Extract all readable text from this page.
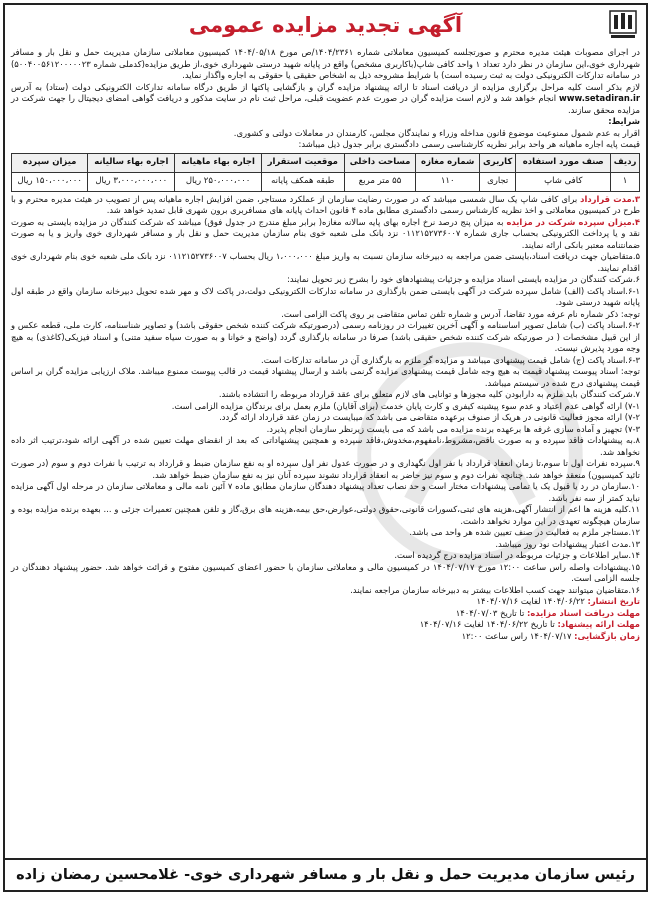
آگهی تجدید مزایده عمومی

در اجرای مصوبات هیئت مدیره محترم و صورتجلسه کمیسیون معاملاتی شماره ۱۴۰۴/۲۳۶۱/ص مورخ ۱۴۰۴/۰۵/۱۸ کمیسیون معاملاتی سازمان مدیریت حمل و نقل بار و مسافر شهرداری خوی،این سازمان در نظر دارد تعداد ۱ واحد کافی شاپ(باکاربری مشخص) واقع در پایانه شهید درستی شهرداری خوی،از طریق مزایده(کدملی شماره ۵۰۰۴۰۰۵۶۱۲۰۰۰۰۰۲۳) در سامانه تدارکات الکترونیکی دولت به ثبت رسیده است) با شرایط مشروحه ذیل به اشخاص حقیقی یا حقوقی به اجاره واگذار نماید.

لازم بذکر است کلیه مراحل برگزاری مزایده از دریافت اسناد تا ارائه پیشنهاد مزایده گران و بازگشایی پاکتها از طریق درگاه سامانه تدارکات الکترونیکی دولت (ستاد) به آدرس www.setadiran.ir انجام خواهد شد و لازم است مزایده گران در صورت عدم عضویت قبلی، مراحل ثبت نام در سایت مذکور و دریافت گواهی امضای دیجیتال را جهت شرکت در مزایده محقق سازند.

شرایط:

اقرار به عدم شمول ممنوعیت موضوع قانون مداخله وزراء و نمایندگان مجلس، کارمندان در معاملات دولتی و کشوری.

قیمت پایه اجاره ماهیانه هر واحد برابر نظریه کارشناسی رسمی دادگستری برابر جدول ذیل میباشد:

ردیف	صنف مورد استفاده	کاربری	شماره مغازه	مساحت داخلی	موقعیت استقرار	اجاره بهاء ماهیانه	اجاره بهاء سالیانه	میزان سپرده
۱	کافی شاپ	تجاری	۱۱۰	۵۵ متر مربع	طبقه همکف پایانه	۲۵۰،۰۰۰،۰۰۰ ریال	۳،۰۰۰،۰۰۰،۰۰۰ ریال	۱۵۰،۰۰۰،۰۰۰ ریال

۳.مدت قرارداد برای کافی شاپ یک سال شمسی میباشد که در صورت رضایت سازمان از عملکرد مستاجر، ضمن افزایش اجاره ماهیانه پس از تصویب در هیئت مدیره محترم و با طرح در کمیسیون معاملاتی و اخذ نظریه کارشناس رسمی دادگستری مطابق ماده ۴ قانون احداث پایانه های مسافربری برون شهری قابل تمدید خواهد شد.

۴.میزان سپرده شرکت در مزایده به میزان پنج درصد نرخ اجاره بهای پایه سالانه مغازه( برابر مبلغ مندرج در جدول فوق) میباشد که شرکت کنندگان در مزایده بایستی به صورت نقد و یا پرداخت الکترونیکی بحساب جاری شماره ۰۱۱۲۱۵۲۷۳۶۰۰۷ نزد بانک ملی شعبه خوی بنام سازمان مدیریت حمل و نقل بار و مسافر شهرداری خوی واریز و یا به صورت ضمانتنامه معتبر بانکی ارائه نمایند.

۵.متقاضیان جهت دریافت اسناد،بایستی ضمن مراجعه به دبیرخانه سازمان نسبت به واریز مبلغ ۱،۰۰۰،۰۰۰ ریال بحساب ۰۱۱۲۱۵۲۷۳۶۰۰۷ نزد بانک ملی شعبه خوی بنام شهرداری خوی اقدام نمایند.

۶.شرکت کنندگان در مزایده بایستی اسناد مزایده و جزئیات پیشنهادهای خود را بشرح زیر تحویل نمایند:

۶-۱.اسناد پاکت (الف) شامل سپرده شرکت در آگهی بایستی ضمن بارگذاری در سامانه تدارکات الکترونیکی دولت،در پاکت لاک و مهر شده تحویل دبیرخانه سازمان واقع در طبقه اول پایانه شهید درستی شود.

توجه: ذکر شماره نام عرفه مورد تقاضا، آدرس و شماره تلفن تماس متقاضی بر روی پاکت الزامی است.

۶-۲.اسناد پاکت (ب) شامل تصویر اساسنامه و آگهی آخرین تغییرات در روزنامه رسمی (درصورتیکه شرکت کننده شخص حقوقی باشد) و تصاویر شناسنامه، کارت ملی، قطعه عکس و از این قبیل مشخصات ( در صورتیکه شرکت کننده شخص حقیقی باشد) صرفا در سامانه بارگذاری گردد (واضح و خوانا و به صورت سیاه سفید متنی) و اسناد فیزیکی(کاغذی) به هیچ وجه مورد پذیرش نیست.

۶-۳.اسناد پاکت (ج) شامل قیمت پیشنهادی میباشد و مزایده گر ملزم به بارگذاری آن در سامانه تدارکات است.

توجه: اسناد پیوست پیشنهاد قیمت به هیچ وجه شامل قیمت پیشنهادی مزایده گرنمی باشد و ارسال پیشنهاد قیمت در قالب پیوست ممنوع میباشد. ملاک ارزیابی مزایده گران بر اساس قیمت پیشنهادی درج شده در سیستم میباشد.

۷.شرکت کنندگان باید ملزم به دارابودن کلیه مجوزها و توانایی های لازم متعلق برای عقد قرارداد مربوطه را انتشاده باشند.

۷-۱) ارائه گواهی عدم اعتیاد و عدم سوء پیشینه کیفری و کارت پایان خدمت (برای آقایان) ملزم بعمل برای برندگان مزایده الزامی است.

۷-۲) ارائه مجوز فعالیت قانونی در هریک از صنوف برعهده متقاضی می باشد که میبایست در زمان عقد قرارداد ارائه گردد.

۷-۳) تجهیز و آماده سازی غرفه ها برعهده برنده مزایده می باشد که می بایست زیرنظر سازمان انجام پذیرد.

۸.به پیشنهادات فاقد سپرده و به صورت ناقص،مشروط،نامفهوم،مخدوش،فاقد سپرده و همچنین پیشنهاداتی که بعد از انقضای مهلت تعیین شده در آگهی ارائه شود،ترتیب اثر داده نخواهد شد.

۹.سپرده نفرات اول تا سوم،تا زمان انعقاد قرارداد با نفر اول نگهداری و در صورت عدول نفر اول سپرده او به نفع سازمان ضبط و قرارداد به ترتیب با نفرات دوم و سوم (در صورت تائید کمیسیون) منعقد خواهد شد. چنانچه نفرات دوم و سوم نیز حاضر به انعقاد قرارداد نشوند سپرده آنان نیز به نفع سازمان ضبط خواهد شد.

۱۰.سازمان در رد یا قبول یک یا تمامی پیشنهادات مختار است و حد نصاب تعداد پیشنهاد دهندگان سازمان مطابق ماده ۷ آئین نامه مالی و معاملاتی سازمان در مرحله اول آگهی مزایده نباید کمتر از سه نفر باشد.

۱۱.کلیه هزینه ها اعم از انتشار آگهی،هزینه های ثبتی،کسورات قانونی،حقوق دولتی،عوارض،حق بیمه،هزینه های برق،گاز و تلفن همچنین تعمیرات جزئی و ... بعهده برنده مزایده بوده و سازمان هیچگونه تعهدی در این موارد نخواهد داشت.

۱۲.مستاجر ملزم به فعالیت در صنف تعیین شده هر واحد می باشد.

۱۳.مدت اعتبار پیشنهادات نود روز میباشد.

۱۴.سایر اطلاعات و جزئیات مربوطه در اسناد مزایده درج گردیده است.

۱۵.پیشنهادات واصله راس ساعت ۱۲:۰۰ مورخ ۱۴۰۴/۰۷/۱۷ در کمیسیون مالی و معاملاتی سازمان با حضور اعضای کمیسیون مفتوح و قرائت خواهد شد. حضور پیشنهاد دهندگان در جلسه الزامی است.

۱۶.متقاضیان میتوانند جهت کسب اطلاعات بیشتر به دبیرخانه سازمان مراجعه نمایند.

تاریخ انتشار: ۱۴۰۴/۰۶/۲۲ لغایت ۱۴۰۴/۰۷/۱۶

مهلت دریافت اسناد مزایده: تا تاریخ ۱۴۰۴/۰۷/۰۳

مهلت ارائه پیشنهاد: تا تاریخ ۱۴۰۴/۰۶/۲۲ لغایت ۱۴۰۴/۰۷/۱۶

زمان بازگشایی: ۱۴۰۴/۰۷/۱۷ راس ساعت ۱۲:۰۰

رئیس سازمان مدیریت حمل و نقل بار و مسافر شهرداری خوی- غلامحسین رمضان زاده
